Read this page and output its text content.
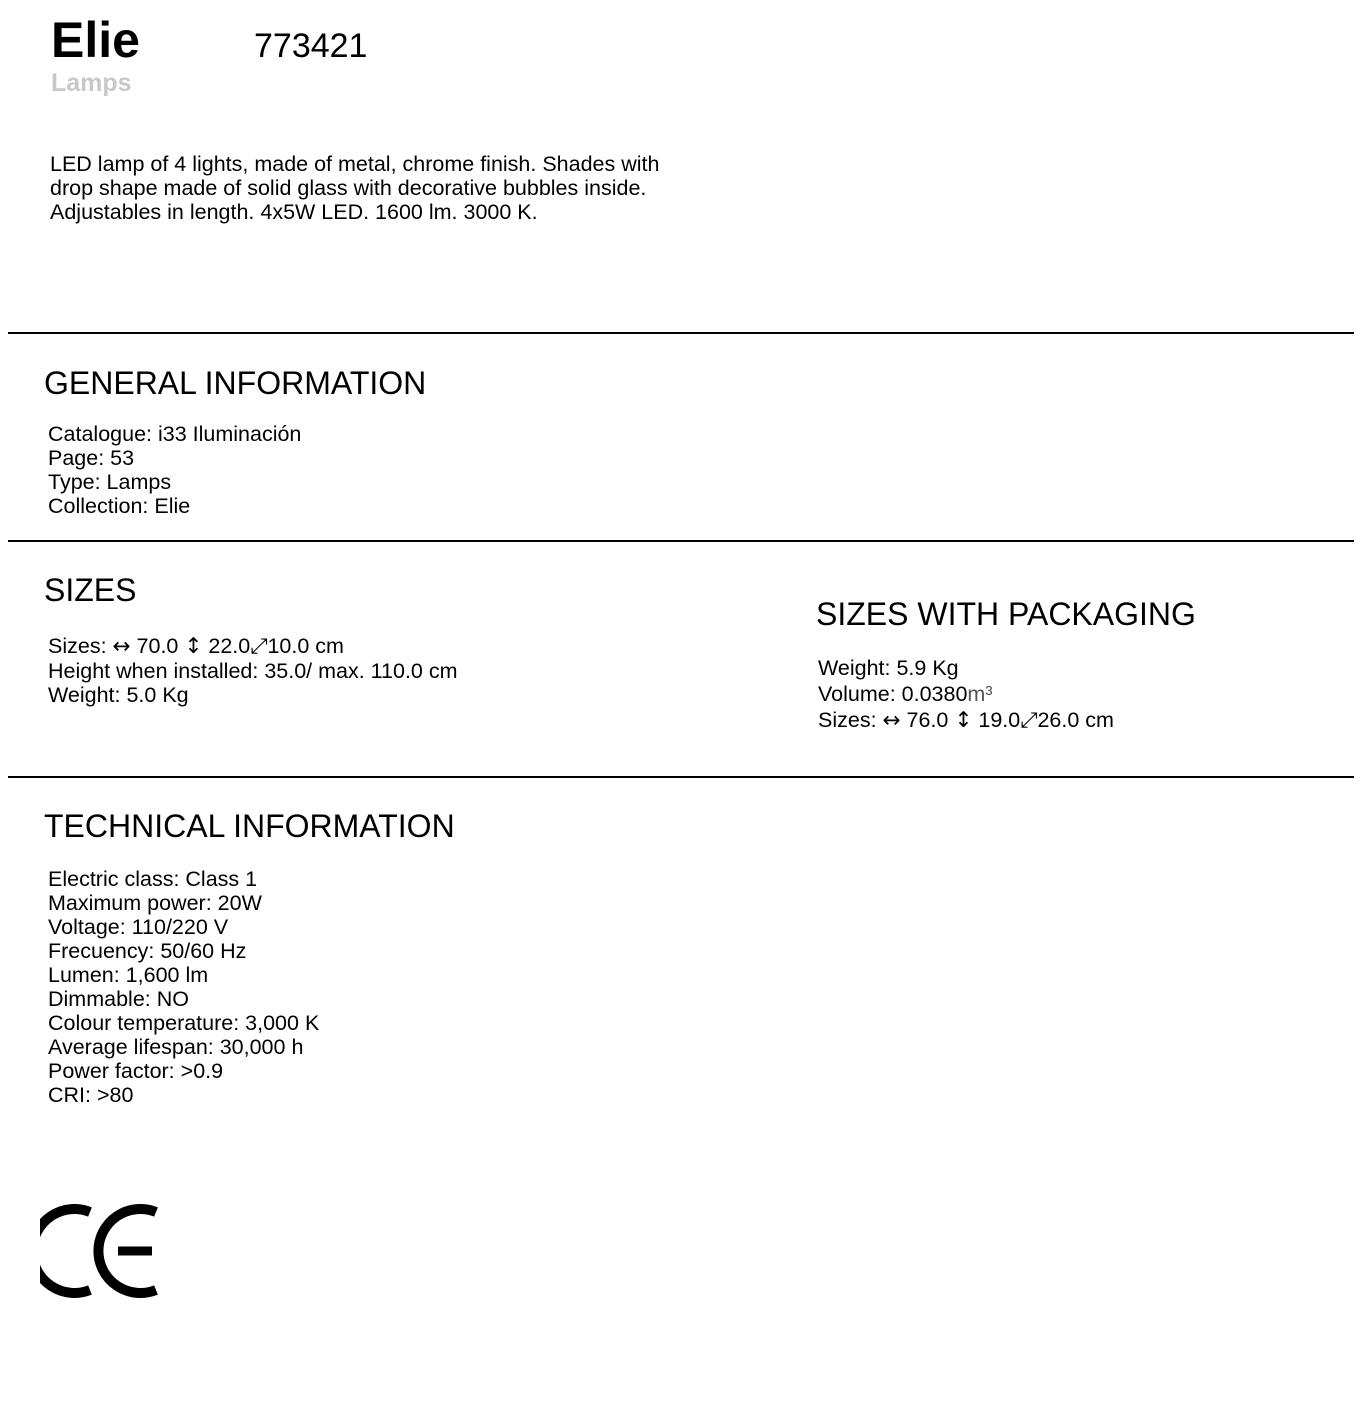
Elie	773421
Lamps
LED lamp of 4 lights, made of metal, chrome finish. Shades with drop shape made of solid glass with decorative bubbles inside. Adjustables in length. 4x5W LED. 1600 lm. 3000 K.
GENERAL INFORMATION
Catalogue: i33 Iluminación
Page: 53
Type: Lamps
Collection: Elie
SIZES
Sizes: ↔ 70.0 ↕ 22.0⤢10.0 cm
Height when installed: 35.0/ max. 110.0 cm
Weight: 5.0 Kg
SIZES WITH PACKAGING
Weight: 5.9 Kg
Volume: 0.0380m³
Sizes: ↔ 76.0 ↕ 19.0⤢26.0 cm
TECHNICAL INFORMATION
Electric class: Class 1
Maximum power: 20W
Voltage: 110/220 V
Frecuency: 50/60 Hz
Lumen: 1,600 lm
Dimmable: NO
Colour temperature: 3,000 K
Average lifespan: 30,000 h
Power factor: >0.9
CRI: >80
